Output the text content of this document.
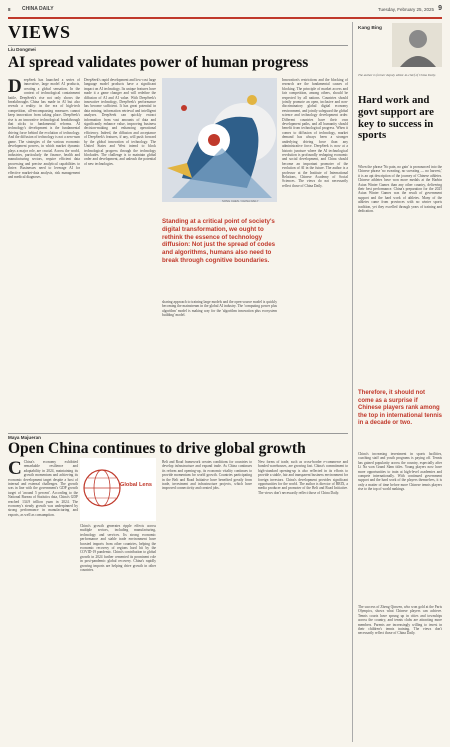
8 CHINA DAILY	Tuesday, February 25, 2025 9
VIEWS
Liu Dongmei
AI spread validates power of human progress
DeepSeek has launched a series of innovative, large model AI products, creating a global sensation. In the context of technological containment battle, DeepSeek's rise not only shows the breakthroughs China has made in AI but also reveals a reality: in the era of high-tech competition, all-encompassing measures cannot keep innovation from taking place. DeepSeek's rise is an innovative technological breakthrough that sticks to fundamental reforms. AI technology's development is the fundamental driving force behind the evolution of technology. And the diffusion of technology is not a zero-sum game. The strategies of the various economic development powers, in which market dynamic plays a major role, are crucial. Across the world, industries, particularly the finance, health and manufacturing sectors, require efficient data processing and precise analytical capabilities to thrive. Businesses need to leverage AI for effective market-data analysis, risk management and medical diagnoses.
DeepSeek's rapid development and low-cost large language model products have a significant impact on AI technology. Its unique features have made it a game changer and will redefine the diffusion of AI and AI value. With DeepSeek's innovative technology, DeepSeek's performance has become sufficient. It has great potential in data mining, information retrieval and intelligent analyses. DeepSeek can quickly extract information from vast amounts of data and significantly enhance value, improving business decision-making and enhancing operational efficiency. Indeed, the diffusion and acceptance of DeepSeek's features, if any, will push forward by the global innovation of technology. The United States and West intend to block technological progress through the technology blockades. The challenge is to maintain global order and development, and unleash the potential of new technologies.
SONG CHEN / CHINA DAILY
Standing at a critical point of society's digital transformation, we ought to rethink the essence of technology diffusion: Not just the spread of codes and algorithms, humans also need to break through cognitive boundaries.
sharing approach to training large models and the open-source model is quickly becoming the mainstream in the global AI industry. The 'computing power plus algorithm' model is making way for the 'algorithm innovation plus ecosystem building' model.
Innovation's restrictions and the blocking of research are the fundamental causes of blocking. The principle of market access and fair competition, among others, should be respected by all nations. Countries should jointly promote an open, inclusive and non-discriminatory global digital economy environment, and jointly safeguard the global science and technology development order. Different countries have their own development paths, and all humanity should benefit from technological progress. When it comes to diffusion of technology, market demand has always been a stronger underlying driving force than any administrative force. DeepSeek is now at a historic juncture where the AI technological revolution is profoundly reshaping economic and social development, and China should become an important promoter of the evolution of AI in the future. The author is a professor at the Institute of International Relations, Chinese Academy of Social Sciences. The views do not necessarily reflect those of China Daily.
Maya Majueran
Open China continues to drive global growth
C China's economy exhibited remarkable resilience and adaptability in 2024, maintaining its growth momentum and achieving its economic development target despite a host of internal and external challenges. The growth was in line with the government's GDP growth target of 'around 5 percent'. According to the National Bureau of Statistics data, China's GDP reached 134.9 trillion yuan in 2024. The economy's steady growth was underpinned by strong performance in manufacturing and exports, as well as consumption.
Global Lens
China's growth generates ripple effects across multiple sectors, including manufacturing, technology and services. Its strong economic performance and stable trade environment have boosted imports from other countries, helping the economic recovery of regions hard hit by the COVID-19 pandemic. China's contribution to global growth in 2024 further cemented its prominent role in post-pandemic global recovery. China's rapidly growing imports are helping drive growth in other countries.
Belt and Road framework creates conditions for countries to develop infrastructure and expand trade. As China continues its reform and opening-up, its economic vitality continues to provide momentum for world growth. Countries participating in the Belt and Road Initiative have benefited greatly from trade, investment and infrastructure projects, which have improved connectivity and created jobs.
New forms of trade, such as cross-border e-commerce and bonded warehouses, are growing fast. China's commitment to high-standard opening-up is also reflected in its efforts to provide a stable, fair and transparent business environment for foreign investors. China's development provides significant opportunities for the world. The author is director of BRIX, a media producer and promoter of the Belt and Road Initiative. The views don't necessarily reflect those of China Daily.
Kang Bing
The author is former deputy editor-in-chief of China Daily.
Hard work and govt support are key to success in sports
When the phrase 'No pain, no gain' is pronounced into the Chinese phrase 'no sweating, no sweating — no harvest,' it is an apt description of the journey of Chinese athletes. Chinese athletes have won more medals at the Harbin Asian Winter Games than any other country, delivering their best performance. China's preparation for the 2025 Asian Winter Games was the result of government support and the hard work of athletes. Many of the athletes came from provinces with no winter sports tradition, yet they excelled through years of training and dedication.
Therefore, it should not come as a surprise if Chinese players rank among the top in international tennis in a decade or two.
China's increasing investment in sports facilities, coaching staff and youth programs is paying off. Tennis has gained popularity across the country, especially after Li Na won Grand Slam titles. Young players now have more opportunities to train at high-level academies and compete internationally. With continued government support and the hard work of the players themselves, it is only a matter of time before more Chinese tennis players rise to the top of world rankings.
The success of Zheng Qinwen, who won gold at the Paris Olympics, shows what Chinese players can achieve. Tennis courts have sprung up in cities and townships across the country, and tennis clubs are attracting more members. Parents are increasingly willing to invest in their children's tennis training. The views don't necessarily reflect those of China Daily.
